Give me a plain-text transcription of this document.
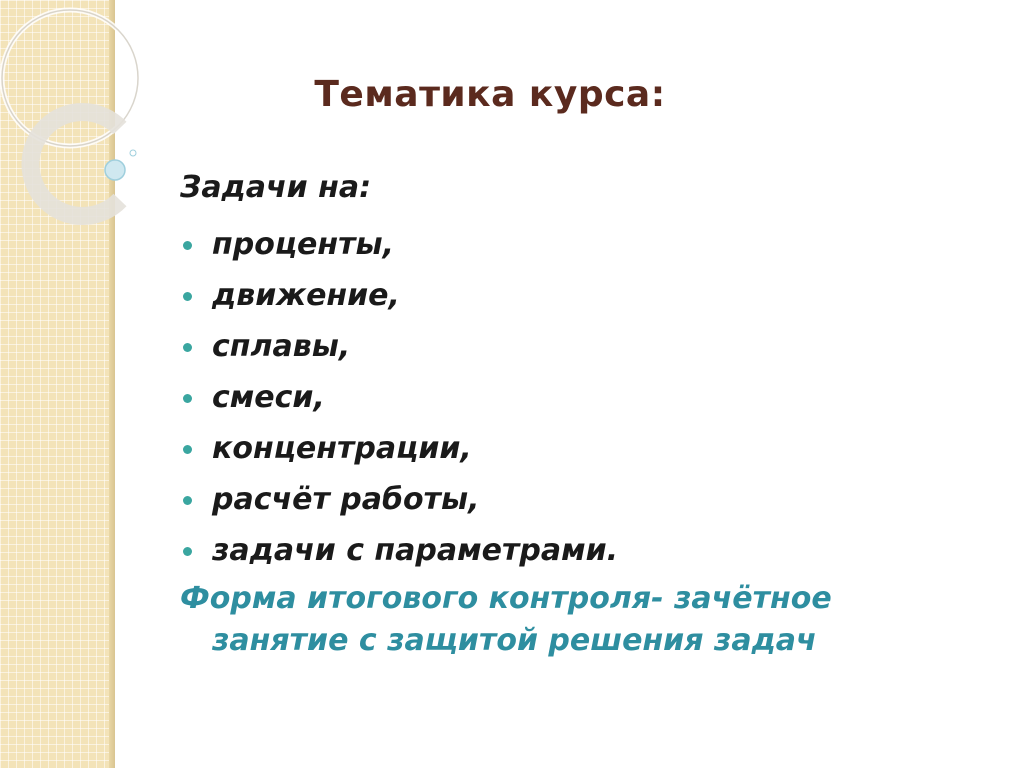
Тематика курса:
Задачи на:
проценты,
движение,
сплавы,
смеси,
концентрации,
расчёт работы,
задачи с параметрами.
Форма итогового контроля- зачётное занятие с защитой решения задач
